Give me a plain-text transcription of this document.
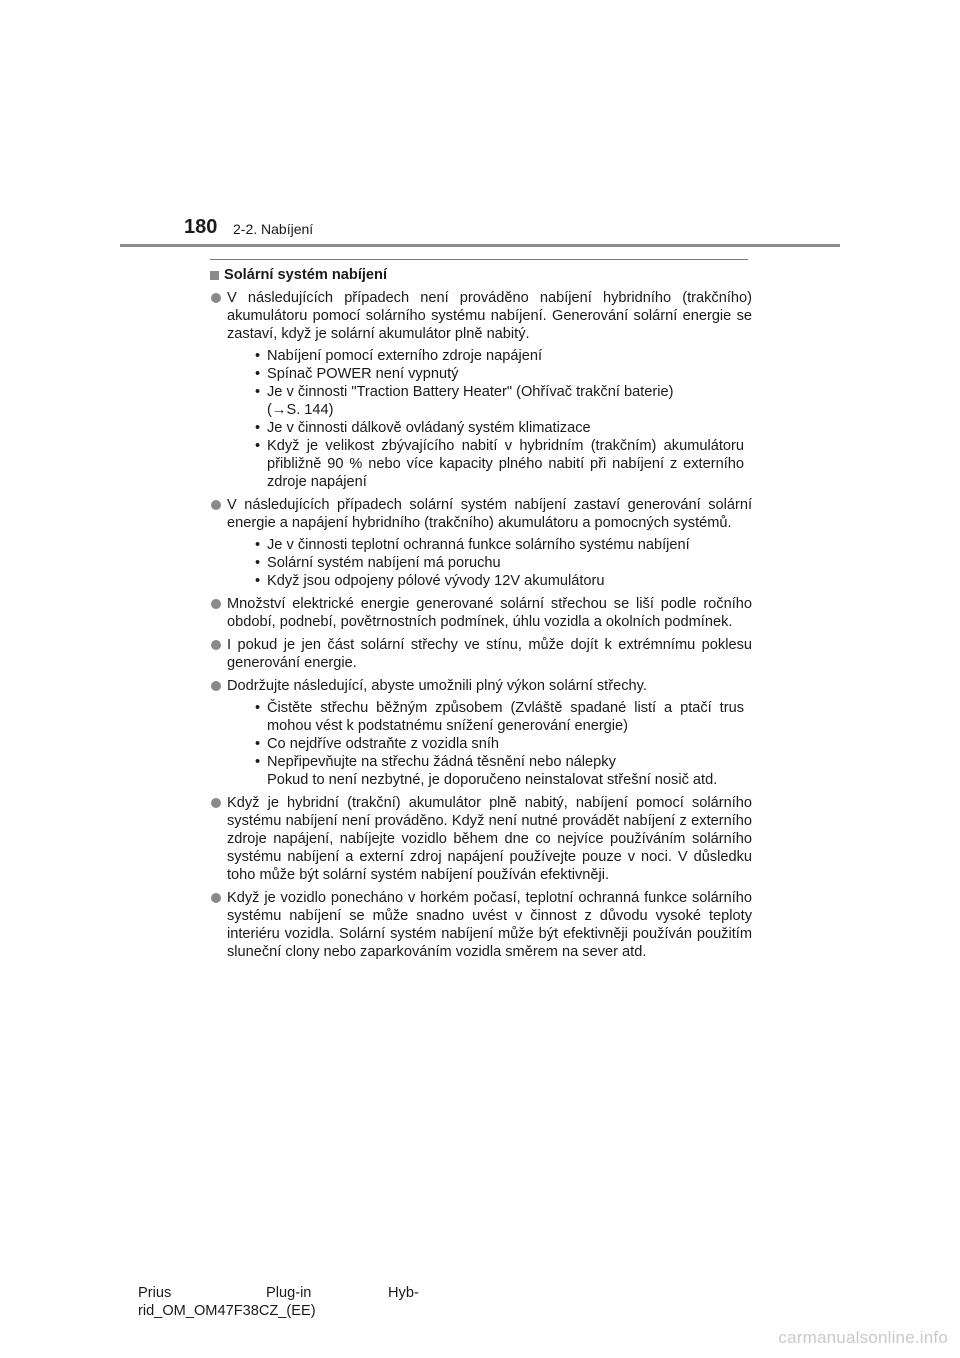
180 2-2. Nabíjení
Solární systém nabíjení
V následujících případech není prováděno nabíjení hybridního (trakčního) akumulátoru pomocí solárního systému nabíjení. Generování solární energie se zastaví, když je solární akumulátor plně nabitý.
• Nabíjení pomocí externího zdroje napájení
• Spínač POWER není vypnutý
• Je v činnosti "Traction Battery Heater" (Ohřívač trakční baterie)
(→S. 144)
• Je v činnosti dálkově ovládaný systém klimatizace
• Když je velikost zbývajícího nabití v hybridním (trakčním) akumulátoru přibližně 90 % nebo více kapacity plného nabití při nabíjení z externího zdroje napájení
V následujících případech solární systém nabíjení zastaví generování solární energie a napájení hybridního (trakčního) akumulátoru a pomocných systémů.
• Je v činnosti teplotní ochranná funkce solárního systému nabíjení
• Solární systém nabíjení má poruchu
• Když jsou odpojeny pólové vývody 12V akumulátoru
Množství elektrické energie generované solární střechou se liší podle ročního období, podnebí, povětrnostních podmínek, úhlu vozidla a okolních podmínek.
I pokud je jen část solární střechy ve stínu, může dojít k extrémnímu poklesu generování energie.
Dodržujte následující, abyste umožnili plný výkon solární střechy.
• Čistěte střechu běžným způsobem (Zvláště spadané listí a ptačí trus mohou vést k podstatnému snížení generování energie)
• Co nejdříve odstraňte z vozidla sníh
• Nepřipevňujte na střechu žádná těsnění nebo nálepky
Pokud to není nezbytné, je doporučeno neinstalovat střešní nosič atd.
Když je hybridní (trakční) akumulátor plně nabitý, nabíjení pomocí solárního systému nabíjení není prováděno. Když není nutné provádět nabíjení z externího zdroje napájení, nabíjejte vozidlo během dne co nejvíce používáním solárního systému nabíjení a externí zdroj napájení používejte pouze v noci. V důsledku toho může být solární systém nabíjení používán efektivněji.
Když je vozidlo ponecháno v horkém počasí, teplotní ochranná funkce solárního systému nabíjení se může snadno uvést v činnost z důvodu vysoké teploty interiéru vozidla. Solární systém nabíjení může být efektivněji používán použitím sluneční clony nebo zaparkováním vozidla směrem na sever atd.
Prius	Plug-in	Hyb-
rid_OM_OM47F38CZ_(EE)
carmanualsonline.info
